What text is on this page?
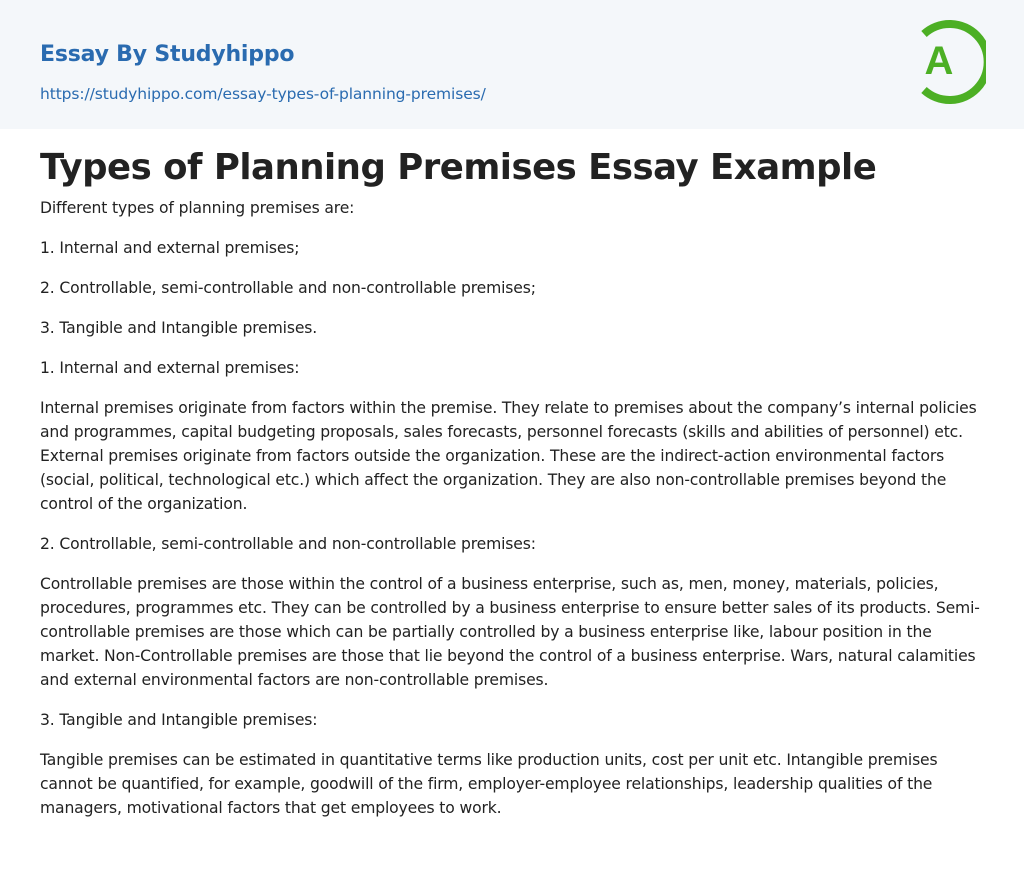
Essay By Studyhippo
https://studyhippo.com/essay-types-of-planning-premises/
A
Types of Planning Premises Essay Example

Different types of planning premises are:

1. Internal and external premises;

2. Controllable, semi-controllable and non-controllable premises;

3. Tangible and Intangible premises.

1. Internal and external premises:

Internal premises originate from factors within the premise. They relate to premises about the company’s internal policies and programmes, capital budgeting proposals, sales forecasts, personnel forecasts (skills and abilities of personnel) etc. External premises originate from factors outside the organization. These are the indirect-action environmental factors (social, political, technological etc.) which affect the organization. They are also non-controllable premises beyond the control of the organization.

2. Controllable, semi-controllable and non-controllable premises:

Controllable premises are those within the control of a business enterprise, such as, men, money, materials, policies, procedures, programmes etc. They can be controlled by a business enterprise to ensure better sales of its products. Semi-controllable premises are those which can be partially controlled by a business enterprise like, labour position in the market. Non-Controllable premises are those that lie beyond the control of a business enterprise. Wars, natural calamities and external environmental factors are non-controllable premises.

3. Tangible and Intangible premises:

Tangible premises can be estimated in quantitative terms like production units, cost per unit etc. Intangible premises cannot be quantified, for example, goodwill of the firm, employer-employee relationships, leadership qualities of the managers, motivational factors that get employees to work.
